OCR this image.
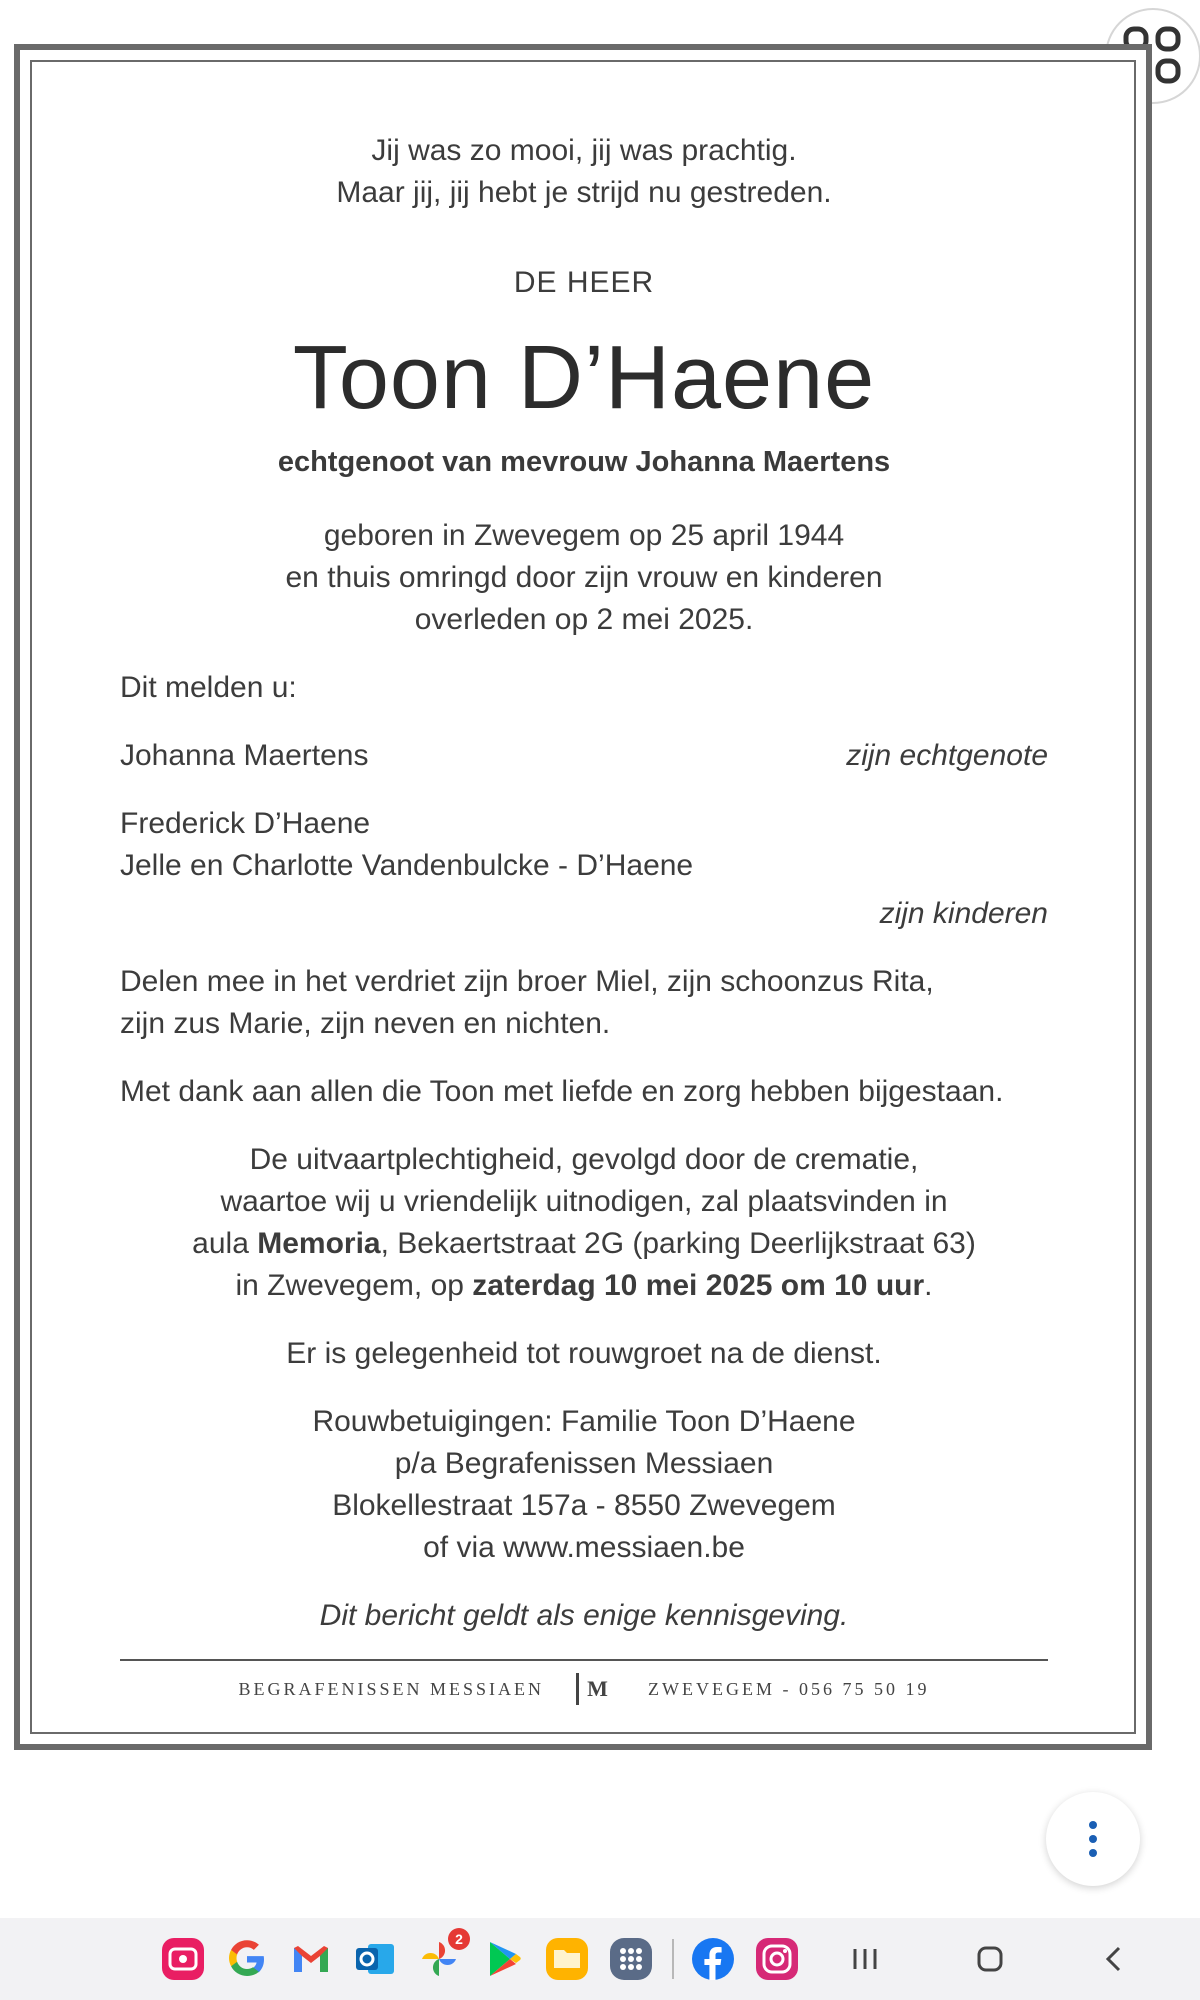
Jij was zo mooi, jij was prachtig.
Maar jij, jij hebt je strijd nu gestreden.
DE HEER
Toon D’Haene
echtgenoot van mevrouw Johanna Maertens
geboren in Zwevegem op 25 april 1944
en thuis omringd door zijn vrouw en kinderen
overleden op 2 mei 2025.
Dit melden u:
Johanna Maertens	zijn echtgenote
Frederick D’Haene
Jelle en Charlotte Vandenbulcke - D’Haene
zijn kinderen
Delen mee in het verdriet zijn broer Miel, zijn schoonzus Rita,
zijn zus Marie, zijn neven en nichten.
Met dank aan allen die Toon met liefde en zorg hebben bijgestaan.
De uitvaartplechtigheid, gevolgd door de crematie,
waartoe wij u vriendelijk uitnodigen, zal plaatsvinden in
aula Memoria, Bekaertstraat 2G (parking Deerlijkstraat 63)
in Zwevegem, op zaterdag 10 mei 2025 om 10 uur.
Er is gelegenheid tot rouwgroet na de dienst.
Rouwbetuigingen: Familie Toon D’Haene
p/a Begrafenissen Messiaen
Blokellestraat 157a - 8550 Zwevegem
of via www.messiaen.be
Dit bericht geldt als enige kennisgeving.
BEGRAFENISSEN MESSIAEN	M	ZWEVEGEM - 056 75 50 19
2
